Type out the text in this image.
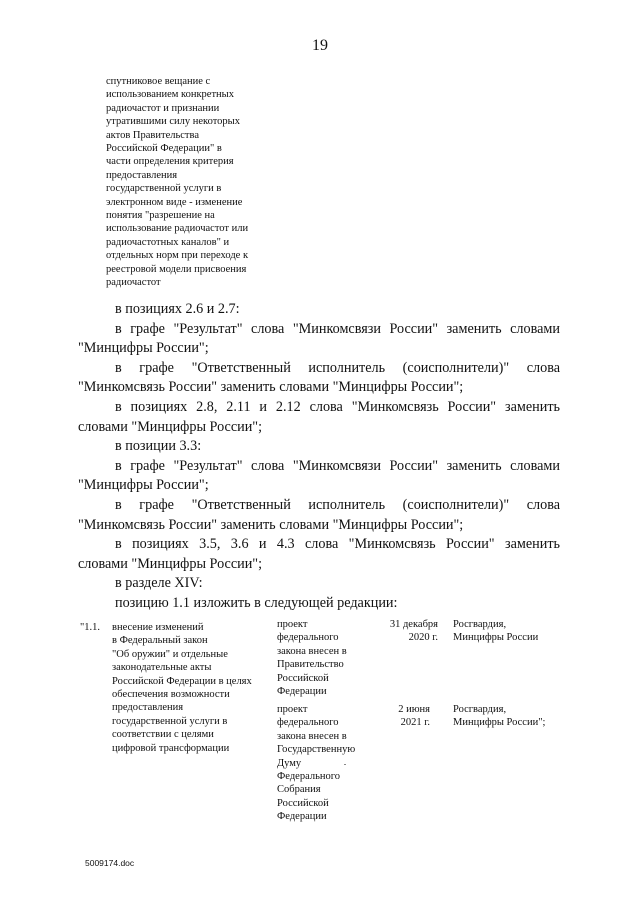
19
спутниковое вещание с
использованием конкретных
радиочастот и признании
утратившими силу некоторых
актов Правительства
Российской Федерации" в
части определения критерия
предоставления
государственной услуги в
электронном виде - изменение
понятия "разрешение на
использование радиочастот или
радиочастотных каналов" и
отдельных норм при переходе к
реестровой модели присвоения
радиочастот

в позициях 2.6 и 2.7:

в графе "Результат" слова "Минкомсвязи России" заменить словами

"Минцифры России";

в графе "Ответственный исполнитель (соисполнители)" слова

"Минкомсвязь России" заменить словами "Минцифры России";

в позициях 2.8, 2.11 и 2.12 слова "Минкомсвязь России" заменить

словами "Минцифры России";

в позиции 3.3:

в графе "Результат" слова "Минкомсвязи России" заменить словами

"Минцифры России";

в графе "Ответственный исполнитель (соисполнители)" слова

"Минкомсвязь России" заменить словами "Минцифры России";

в позициях 3.5, 3.6 и 4.3 слова "Минкомсвязь России" заменить

словами "Минцифры России";

в разделе XIV:

позицию 1.1 изложить в следующей редакции:

"1.1. внесение изменений
в Федеральный закон
"Об оружии" и отдельные
законодательные акты
Российской Федерации в целях
обеспечения возможности
предоставления
государственной услуги в
соответствии с целями
цифровой трансформации
проект
федерального
закона внесен в
Правительство
Российской
Федерации
31 декабря
2020 г.
Росгвардия,
Минцифры России
проект
федерального
закона внесен в
Государственную
Думу
Федерального
Собрания
Российской
Федерации
2 июня
2021 г.
Росгвардия,
Минцифры России";
5009174.doc
